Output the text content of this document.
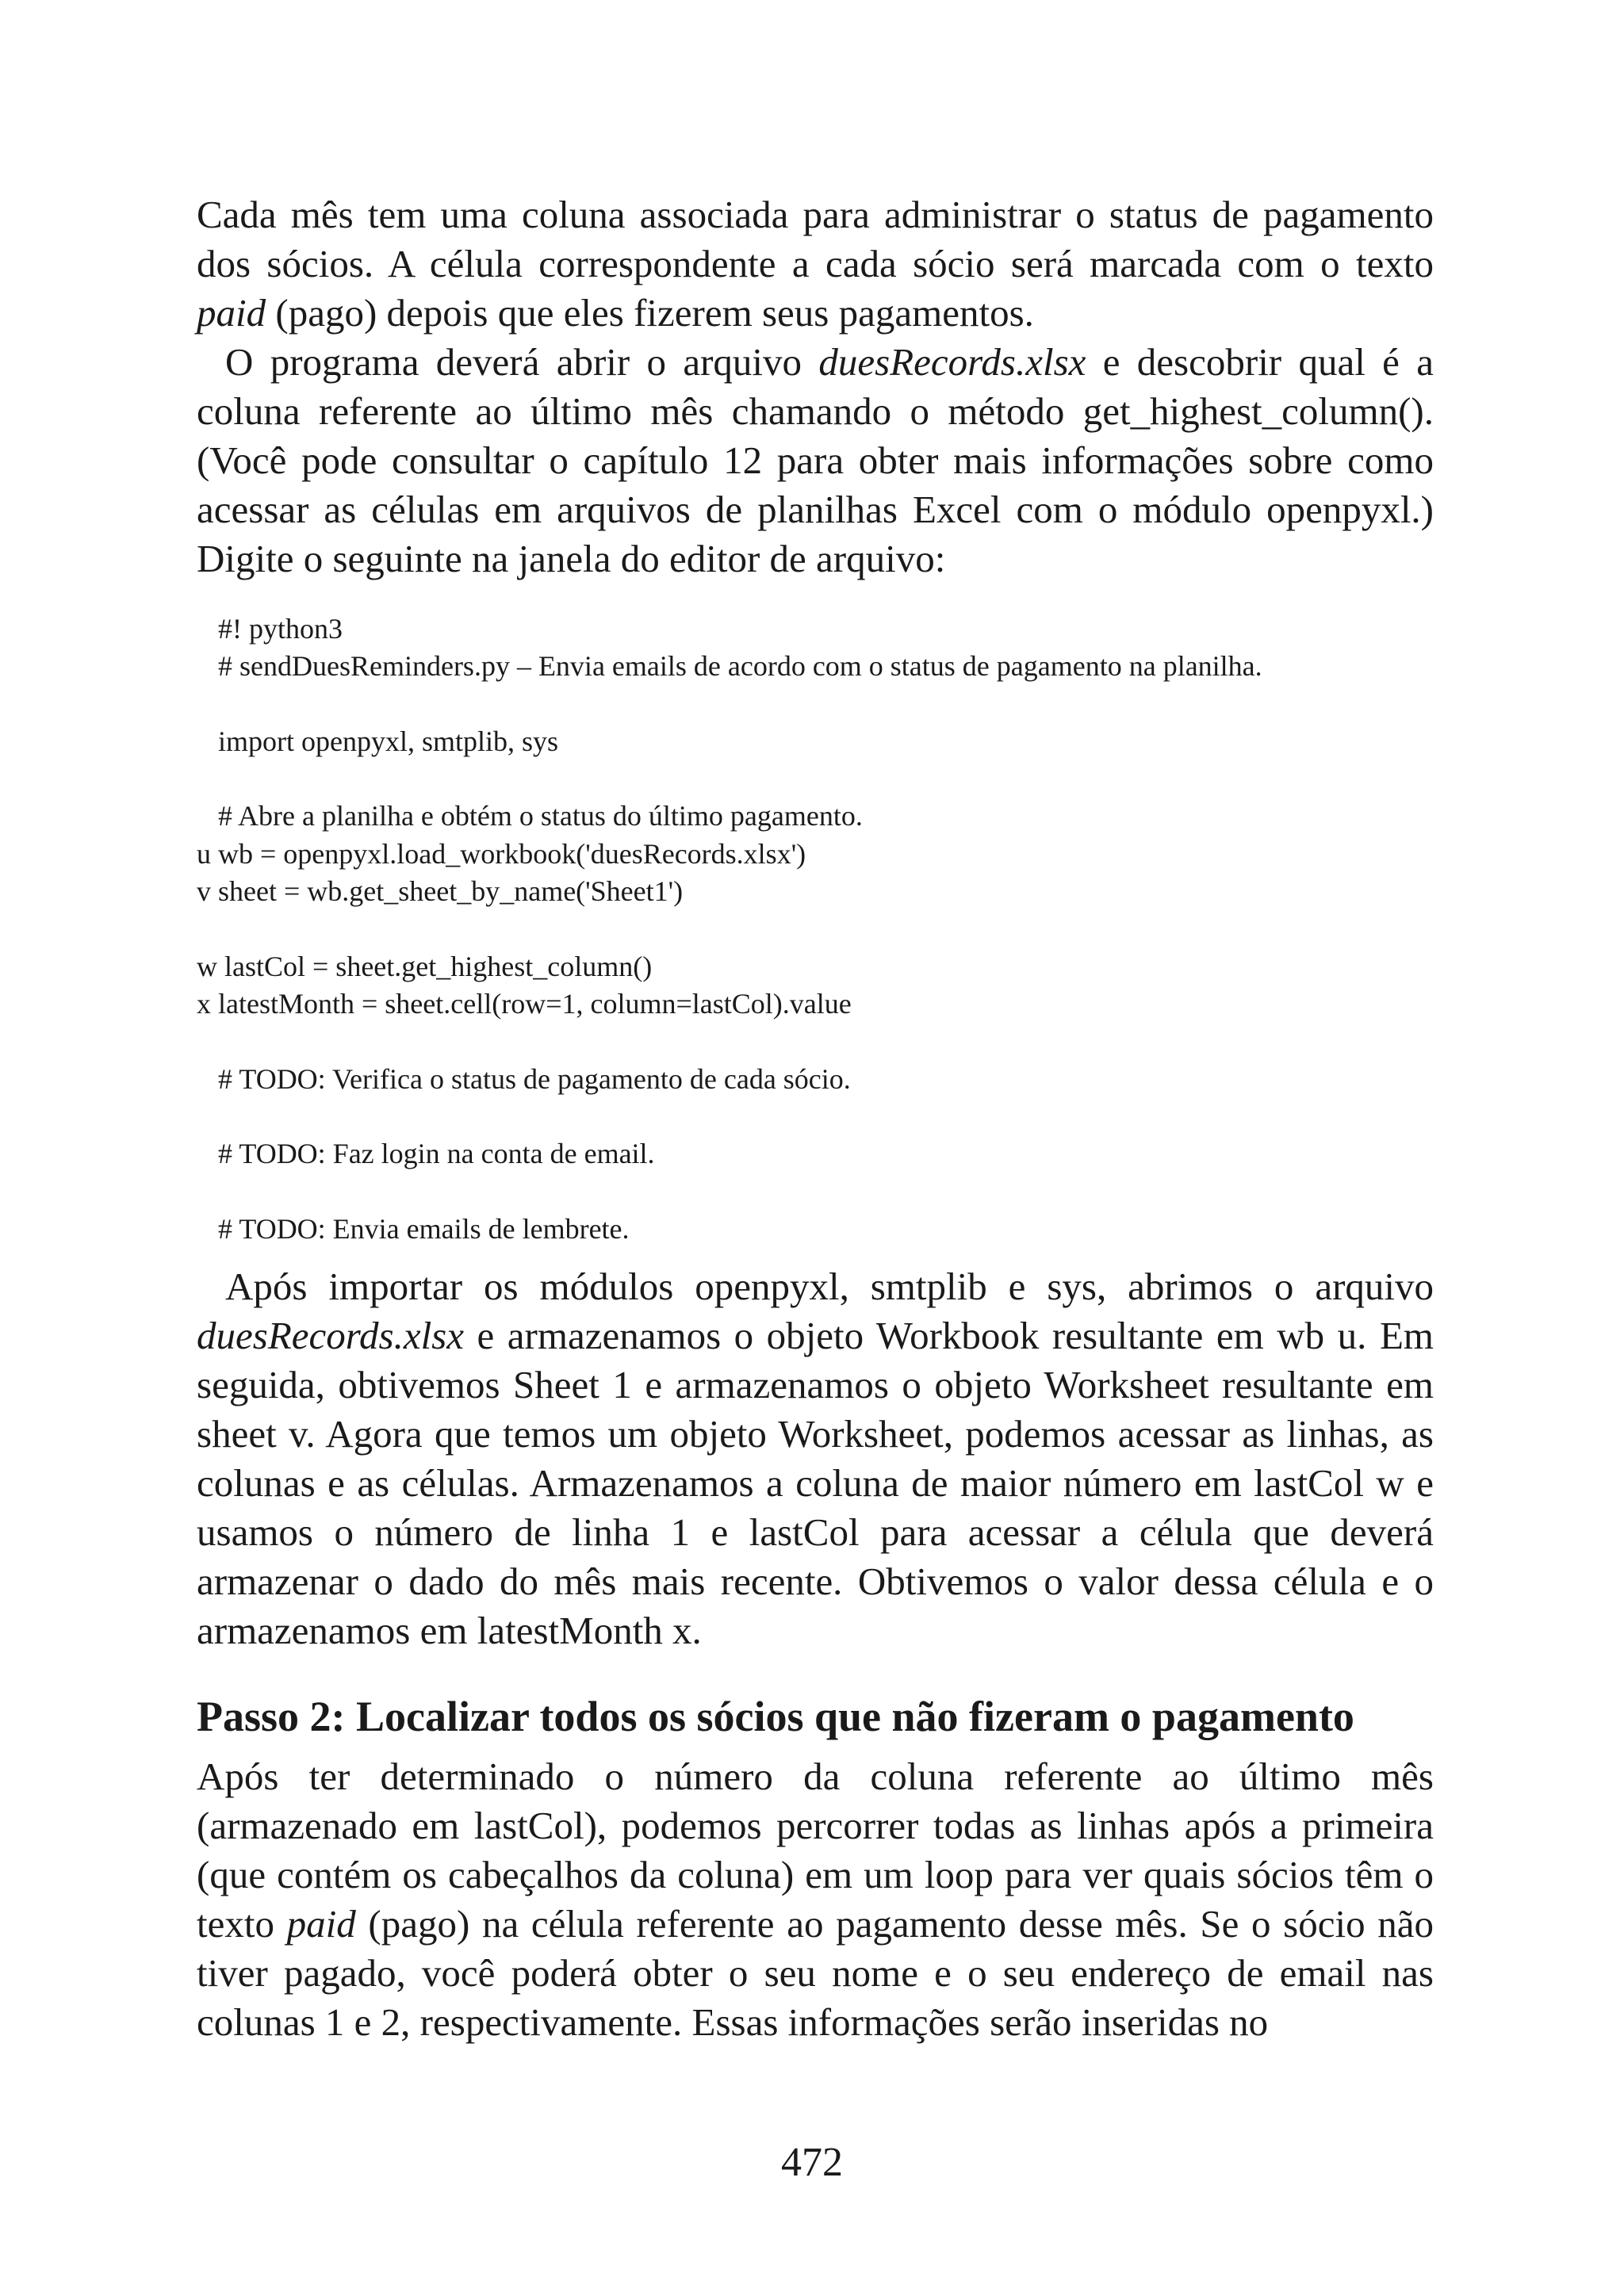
Cada mês tem uma coluna associada para administrar o status de pagamento dos sócios. A célula correspondente a cada sócio será marcada com o texto paid (pago) depois que eles fizerem seus pagamentos.

O programa deverá abrir o arquivo duesRecords.xlsx e descobrir qual é a coluna referente ao último mês chamando o método get_highest_column(). (Você pode consultar o capítulo 12 para obter mais informações sobre como acessar as células em arquivos de planilhas Excel com o módulo openpyxl.) Digite o seguinte na janela do editor de arquivo:

#! python3
# sendDuesReminders.py – Envia emails de acordo com o status de pagamento na planilha.
import openpyxl, smtplib, sys
# Abre a planilha e obtém o status do último pagamento.
u wb = openpyxl.load_workbook('duesRecords.xlsx')
v sheet = wb.get_sheet_by_name('Sheet1')
w lastCol = sheet.get_highest_column()
x latestMonth = sheet.cell(row=1, column=lastCol).value
# TODO: Verifica o status de pagamento de cada sócio.
# TODO: Faz login na conta de email.
# TODO: Envia emails de lembrete.

Após importar os módulos openpyxl, smtplib e sys, abrimos o arquivo duesRecords.xlsx e armazenamos o objeto Workbook resultante em wb u. Em seguida, obtivemos Sheet 1 e armazenamos o objeto Worksheet resultante em sheet v. Agora que temos um objeto Worksheet, podemos acessar as linhas, as colunas e as células. Armazenamos a coluna de maior número em lastCol w e usamos o número de linha 1 e lastCol para acessar a célula que deverá armazenar o dado do mês mais recente. Obtivemos o valor dessa célula e o armazenamos em latestMonth x.

Passo 2: Localizar todos os sócios que não fizeram o pagamento

Após ter determinado o número da coluna referente ao último mês (armazenado em lastCol), podemos percorrer todas as linhas após a primeira (que contém os cabeçalhos da coluna) em um loop para ver quais sócios têm o texto paid (pago) na célula referente ao pagamento desse mês. Se o sócio não tiver pagado, você poderá obter o seu nome e o seu endereço de email nas colunas 1 e 2, respectivamente. Essas informações serão inseridas no

472
